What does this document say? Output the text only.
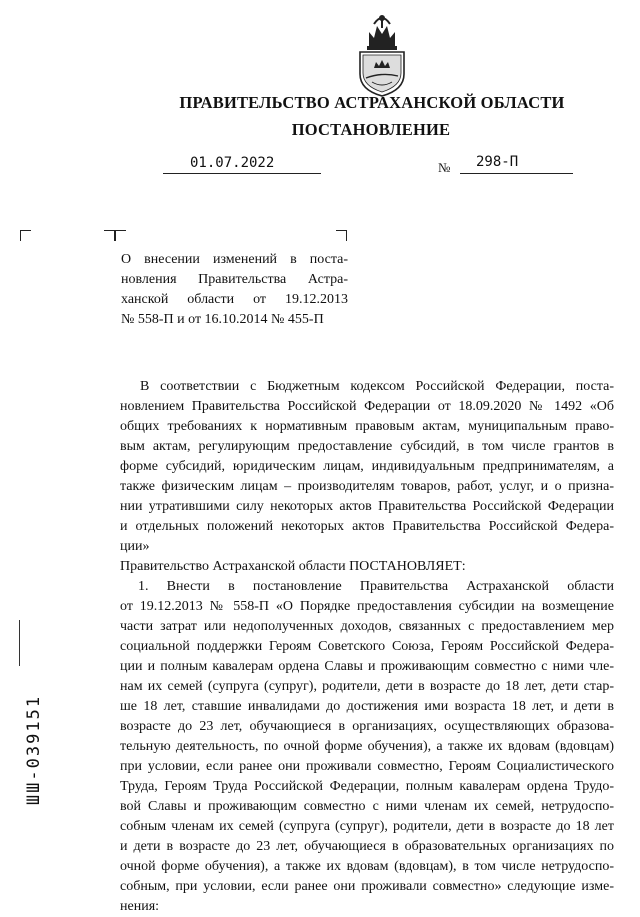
ПРАВИТЕЛЬСТВО АСТРАХАНСКОЙ ОБЛАСТИ
ПОСТАНОВЛЕНИЕ
01.07.2022	№ 298-П
О внесении изменений в поста-
новления Правительства Астра-
ханской области от 19.12.2013
№ 558-П и от 16.10.2014 № 455-П
В соответствии с Бюджетным кодексом Российской Федерации, поста-
новлением Правительства Российской Федерации от 18.09.2020 № 1492 «Об
общих требованиях к нормативным правовым актам, муниципальным право-
вым актам, регулирующим предоставление субсидий, в том числе грантов в
форме субсидий, юридическим лицам, индивидуальным предпринимателям, а
также физическим лицам – производителям товаров, работ, услуг, и о призна-
нии утратившими силу некоторых актов Правительства Российской Федерации
и отдельных положений некоторых актов Правительства Российской Федера-
ции»
Правительство Астраханской области ПОСТАНОВЛЯЕТ:
1. Внести в постановление Правительства Астраханской области
от 19.12.2013 № 558-П «О Порядке предоставления субсидии на возмещение
части затрат или недополученных доходов, связанных с предоставлением мер
социальной поддержки Героям Советского Союза, Героям Российской Федера-
ции и полным кавалерам ордена Славы и проживающим совместно с ними чле-
нам их семей (супруга (супруг), родители, дети в возрасте до 18 лет, дети стар-
ше 18 лет, ставшие инвалидами до достижения ими возраста 18 лет, и дети в
возрасте до 23 лет, обучающиеся в организациях, осуществляющих образова-
тельную деятельность, по очной форме обучения), а также их вдовам (вдовцам)
при условии, если ранее они проживали совместно, Героям Социалистического
Труда, Героям Труда Российской Федерации, полным кавалерам ордена Трудо-
вой Славы и проживающим совместно с ними членам их семей, нетрудоспо-
собным членам их семей (супруга (супруг), родители, дети в возрасте до 18 лет
и дети в возрасте до 23 лет, обучающиеся в образовательных организациях по
очной форме обучения), а также их вдовам (вдовцам), в том числе нетрудоспо-
собным, при условии, если ранее они проживали совместно» следующие изме-
нения:
ШШ-039151
